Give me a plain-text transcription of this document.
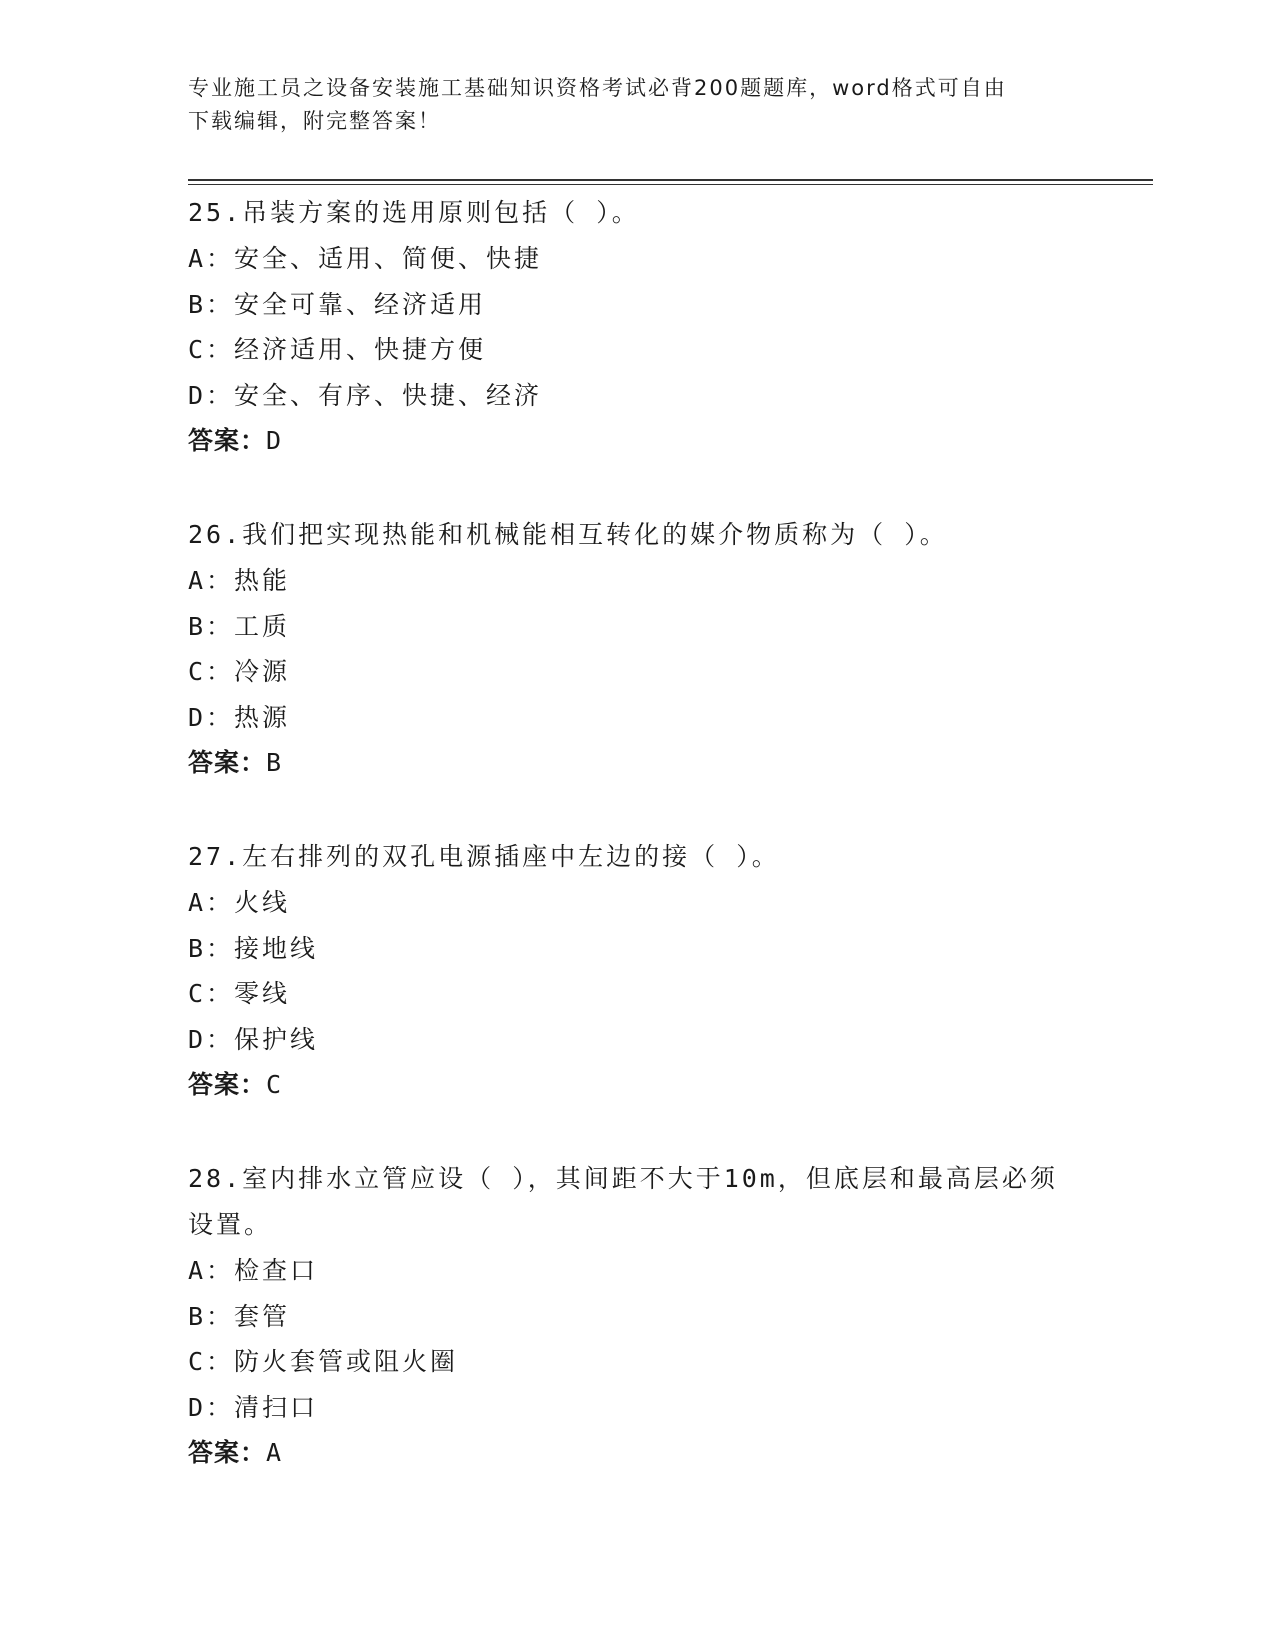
专业施工员之设备安装施工基础知识资格考试必背200题题库，word格式可自由
下载编辑，附完整答案！
25.吊装方案的选用原则包括（ ）。
A：安全、适用、简便、快捷
B：安全可靠、经济适用
C：经济适用、快捷方便
D：安全、有序、快捷、经济
答案：D
26.我们把实现热能和机械能相互转化的媒介物质称为（ ）。
A：热能
B：工质
C：冷源
D：热源
答案：B
27.左右排列的双孔电源插座中左边的接（ ）。
A：火线
B：接地线
C：零线
D：保护线
答案：C
28.室内排水立管应设（ ），其间距不大于10m，但底层和最高层必须
设置。
A：检查口
B：套管
C：防火套管或阻火圈
D：清扫口
答案：A
